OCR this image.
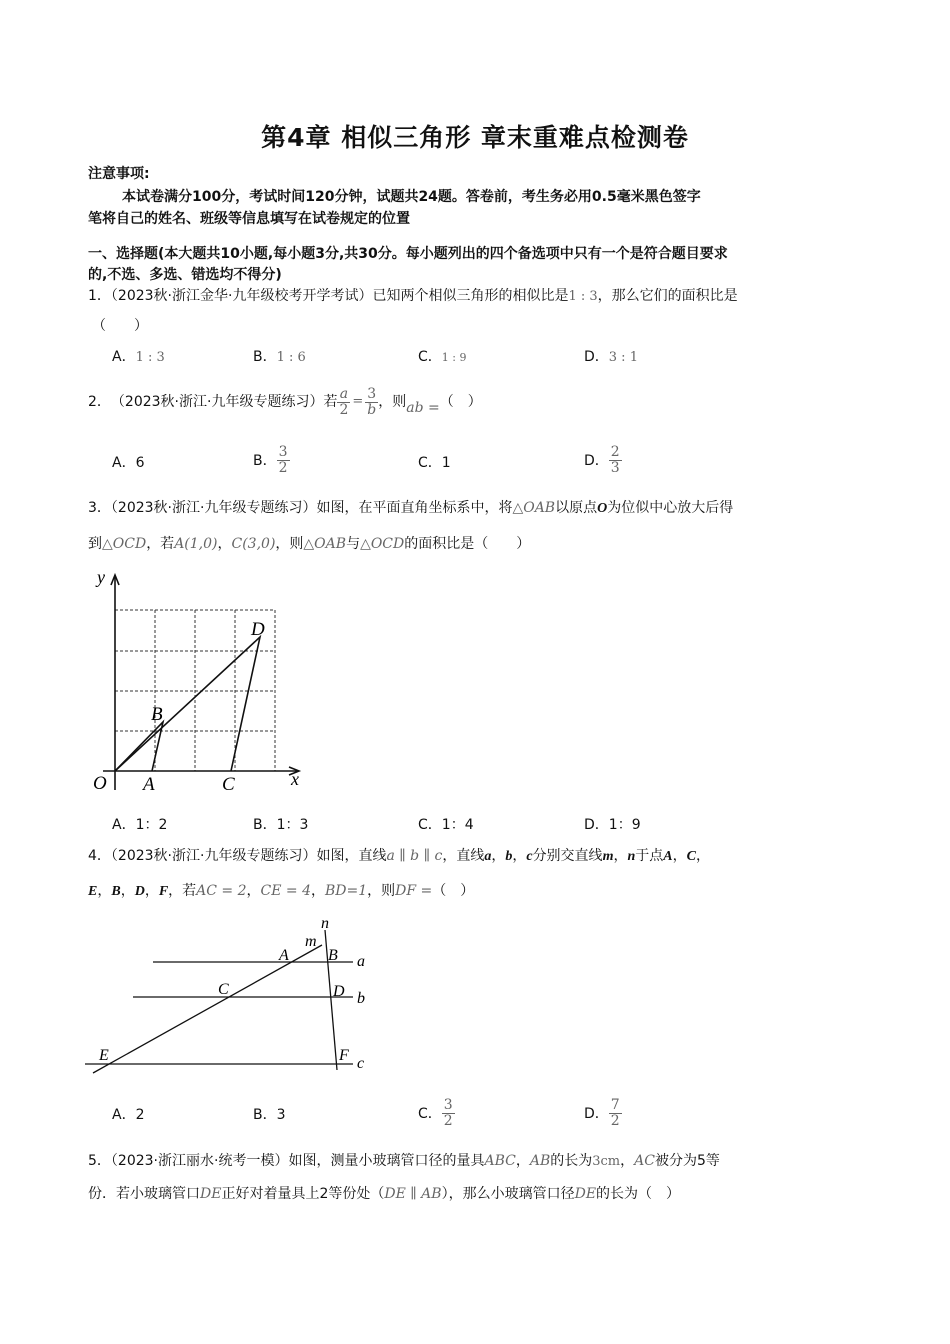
第4章 相似三角形 章末重难点检测卷
注意事项:
本试卷满分100分，考试时间120分钟，试题共24题。答卷前，考生务必用0.5毫米黑色签字
笔将自己的姓名、班级等信息填写在试卷规定的位置
一、选择题(本大题共10小题,每小题3分,共30分。每小题列出的四个备选项中只有一个是符合题目要求
的,不选、多选、错选均不得分)
1．（2023秋·浙江金华·九年级校考开学考试）已知两个相似三角形的相似比是1 : 3，那么它们的面积比是
（　　）
A．1 : 3	B．1 : 6	C．1 : 9	D．3 : 1
2． （2023秋·浙江·九年级专题练习） 若 $\frac{a}{2} = \frac{3}{b}$ ，则 ab = （　）
A．6	B． $\frac{3}{2}$	C．1	D． $\frac{2}{3}$
3．（2023秋·浙江·九年级专题练习）如图，在平面直角坐标系中，将△OAB以原点O为位似中心放大后得
到△OCD，若A(1,0)，C(3,0)，则△OAB与△OCD的面积比是（　　）
y
x
O A
B
C
D
A．1：2	B．1：3	C．1：4	D．1：9
4．（2023秋·浙江·九年级专题练习）如图，直线a ∥ b ∥ c，直线a，b，c分别交直线m，n于点A，C，
E，B，D，F，若AC = 2，CE = 4，BD=1，则DF =（　）
n
m
A B a
C	D b
E	F c
A．2	B．3	C． $\frac{3}{2}$	D． $\frac{7}{2}$
5．（2023·浙江丽水·统考一模）如图，测量小玻璃管口径的量具ABC，AB的长为3cm，AC被分为5等
份．若小玻璃管口DE正好对着量具上2等份处（DE ∥ AB），那么小玻璃管口径DE的长为（　）
